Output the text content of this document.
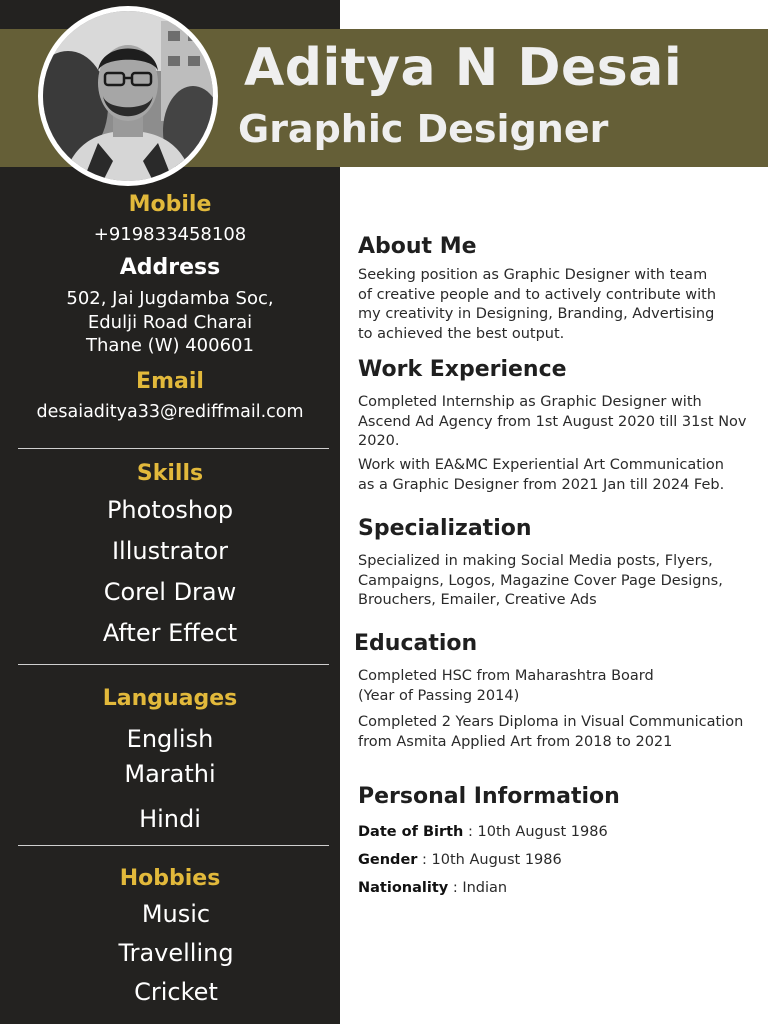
Aditya N Desai
Graphic Designer
Mobile
+919833458108
Address
502, Jai Jugdamba Soc,
Edulji Road Charai
Thane (W) 400601
Email
desaiaditya33@rediffmail.com
Skills
Photoshop
Illustrator
Corel Draw
After Effect
Languages
English
Marathi
Hindi
Hobbies
Music
Travelling
Cricket
About Me
Seeking position as Graphic Designer with team
of creative people and to actively contribute with
my creativity in Designing, Branding, Advertising
to achieved the best output.
Work Experience
Completed Internship as Graphic Designer with
Ascend Ad Agency from 1st August 2020 till 31st Nov
2020.
Work with EA&MC Experiential Art Communication
as a Graphic Designer from 2021 Jan till 2024 Feb.
Specialization
Specialized in making Social Media posts, Flyers,
Campaigns, Logos, Magazine Cover Page Designs,
Brouchers, Emailer, Creative Ads
Education
Completed HSC from Maharashtra Board
(Year of Passing 2014)
Completed 2 Years Diploma in Visual Communication
from Asmita Applied Art from 2018 to 2021
Personal Information
Date of Birth : 10th August 1986
Gender : 10th August 1986
Nationality : Indian
